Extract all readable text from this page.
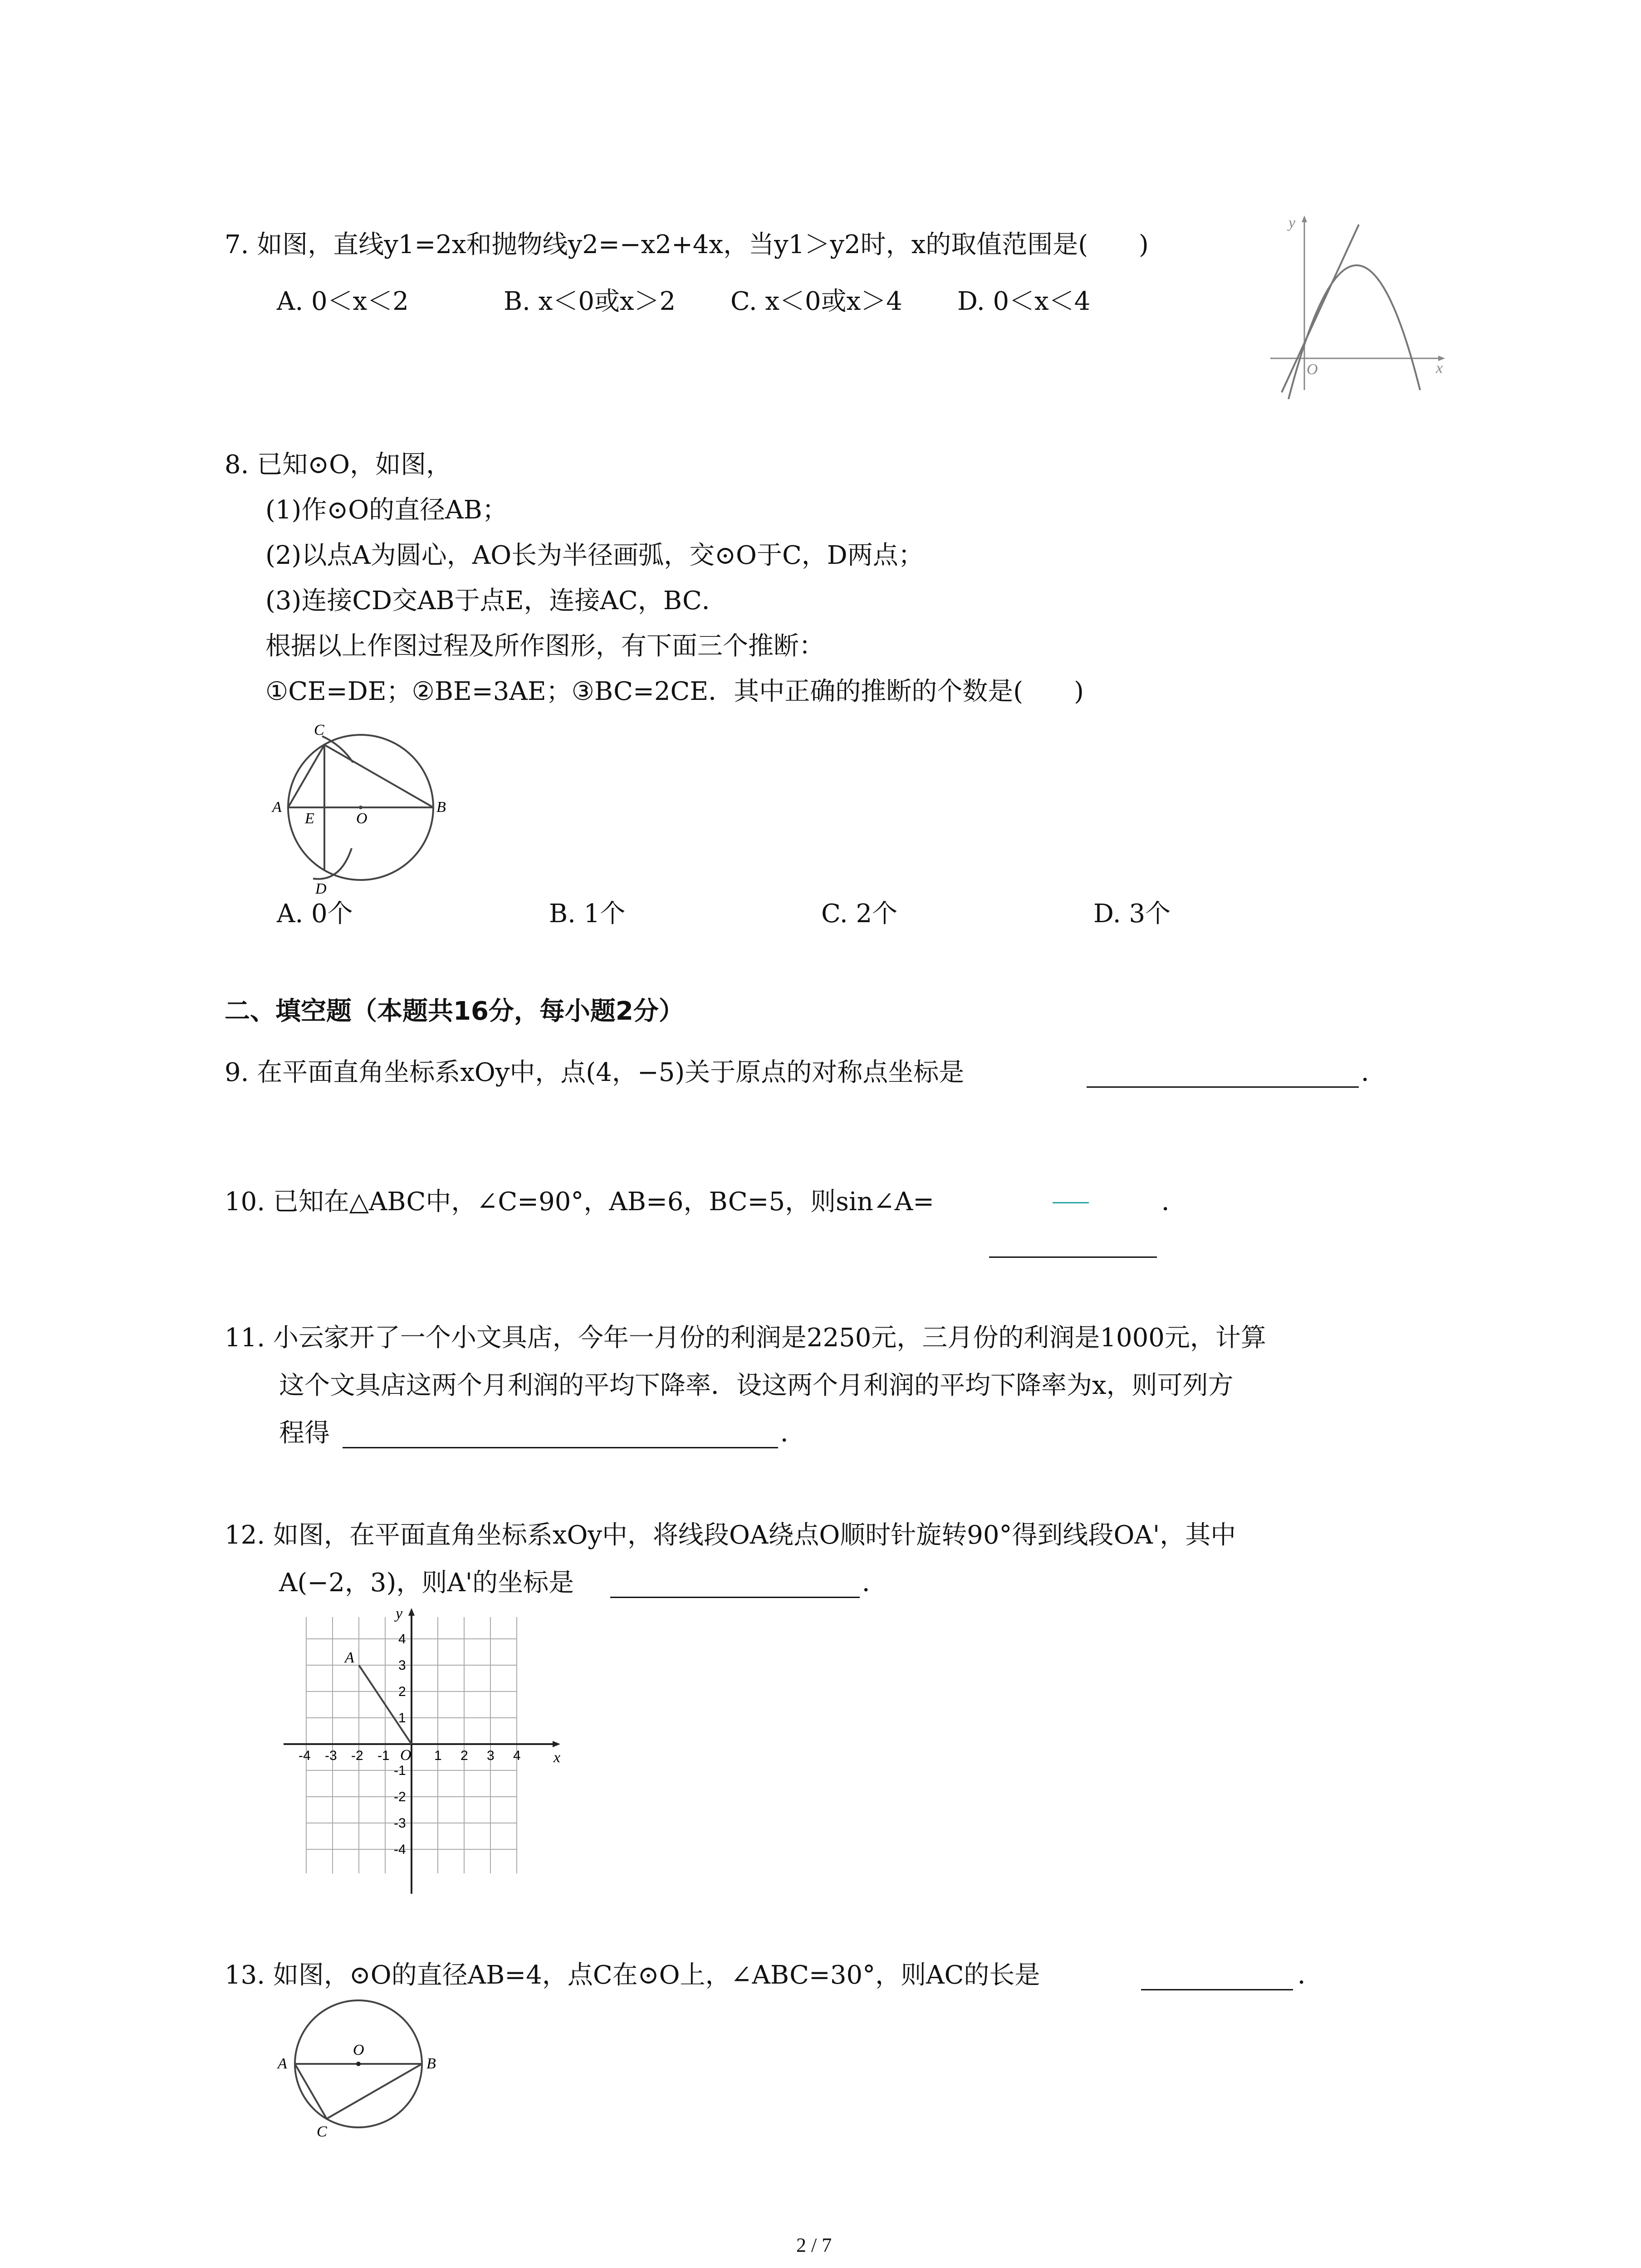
7. 如图，直线y1=2x和抛物线y2=−x2+4x，当y1＞y2时，x的取值范围是(　　)
A. 0＜x＜2	B. x＜0或x＞2 C. x＜0或x＞4 D. 0＜x＜4
y
x
O
8. 已知⊙O，如图，
(1)作⊙O的直径AB；
(2)以点A为圆心，AO长为半径画弧，交⊙O于C，D两点；
(3)连接CD交AB于点E，连接AC，BC．
根据以上作图过程及所作图形，有下面三个推断：
①CE=DE；②BE=3AE；③BC=2CE．其中正确的推断的个数是(　　)
C
A
E	O
B
D
A. 0个	B. 1个	C. 2个	D. 3个
二、填空题（本题共16分，每小题2分）
9. 在平面直角坐标系xOy中，点(4，−5)关于原点的对称点坐标是	．
10. 已知在△ABC中，∠C=90°，AB=6，BC=5，则sin∠A=	．
11. 小云家开了一个小文具店，今年一月份的利润是2250元，三月份的利润是1000元，计算
这个文具店这两个月利润的平均下降率．设这两个月利润的平均下降率为x，则可列方
程得	．
12. 如图，在平面直角坐标系xOy中，将线段OA绕点O顺时针旋转90°得到线段OA'，其中
A(−2，3)，则A'的坐标是	．
A
y
x
O
-4 -3 -2 -1	1 2 3 4
4
3
2
1
-1
-2
-3
-4
13. 如图，⊙O的直径AB=4，点C在⊙O上，∠ABC=30°，则AC的长是	．
A
O
B
C
2 / 7
